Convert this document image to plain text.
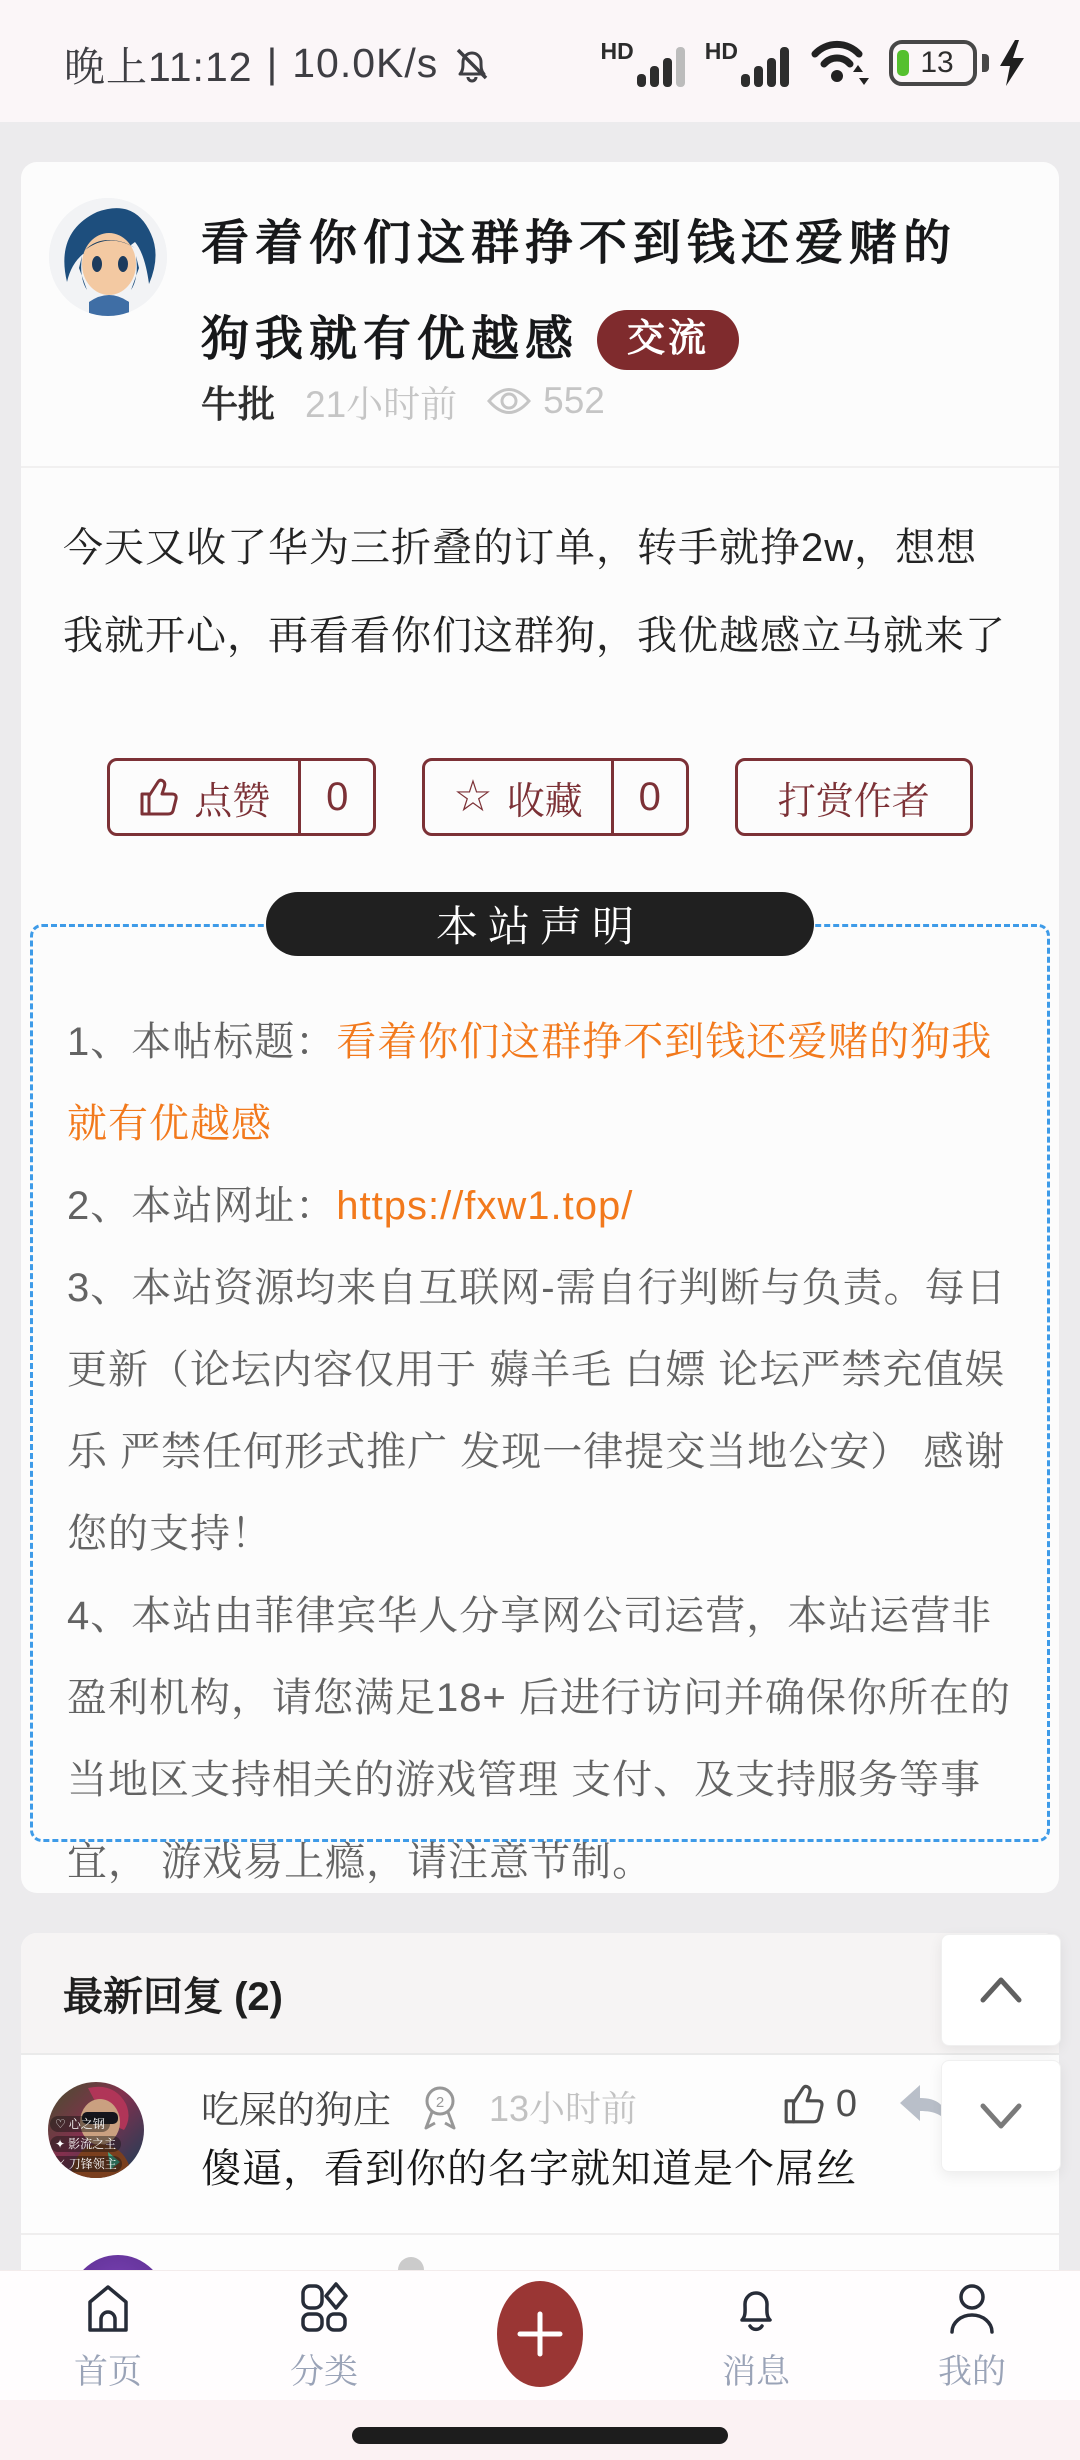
晚上11:12 | 10.0K/s	HD	HD	13
看着你们这群挣不到钱还爱赌的狗我就有优越感 交流
牛批 21小时前 552
今天又收了华为三折叠的订单，转手就挣2w，想想我就开心，再看看你们这群狗，我优越感立马就来了
点赞	0	☆ 收藏	0	打赏作者
本站声明

1、本帖标题：看着你们这群挣不到钱还爱赌的狗我就有优越感

2、本站网址：https://fxw1.top/

3、本站资源均来自互联网-需自行判断与负责。每日更新（论坛内容仅用于 薅羊毛 白嫖 论坛严禁充值娱乐 严禁任何形式推广 发现一律提交当地公安） 感谢您的支持！

4、本站由菲律宾华人分享网公司运营，本站运营非盈利机构，请您满足18+ 后进行访问并确保你所在的当地区支持相关的游戏管理 支付、及支持服务等事宜， 游戏易上瘾，请注意节制。

最新回复 (2)
♡ 心之钢
✦ 影流之主
⚔ 刀锋领主
吃屎的狗庄	2 13小时前	0
傻逼，看到你的名字就知道是个屌丝
首页	分类	消息	我的
